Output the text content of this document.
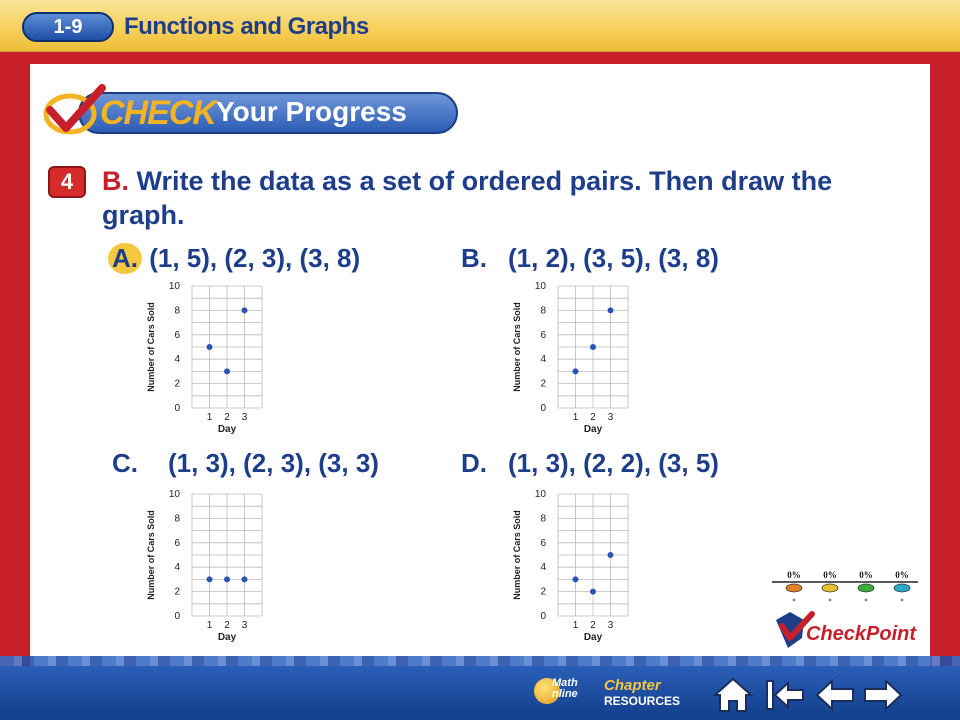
1-9	Functions and Graphs
CHECK Your Progress
4	B. Write the data as a set of ordered pairs. Then draw the graph.
A. (1, 5), (2, 3), (3, 8)	B. (1, 2), (3, 5), (3, 8)
C. (1, 3), (2, 3), (3, 3)	D. (1, 3), (2, 2), (3, 5)
10
8
6
4
2
0
1 2 3
Day
Number of Cars Sold
10
8
6
4
2
0
1 2 3
Day
Number of Cars Sold
10
8
6
4
2
0
1 2 3
Day
Number of Cars Sold
10
8
6
4
2
0
1 2 3
Day
Number of Cars Sold	0%	0%	0%	0%
CheckPoint
Math
nline Chapter
RESOURCES
